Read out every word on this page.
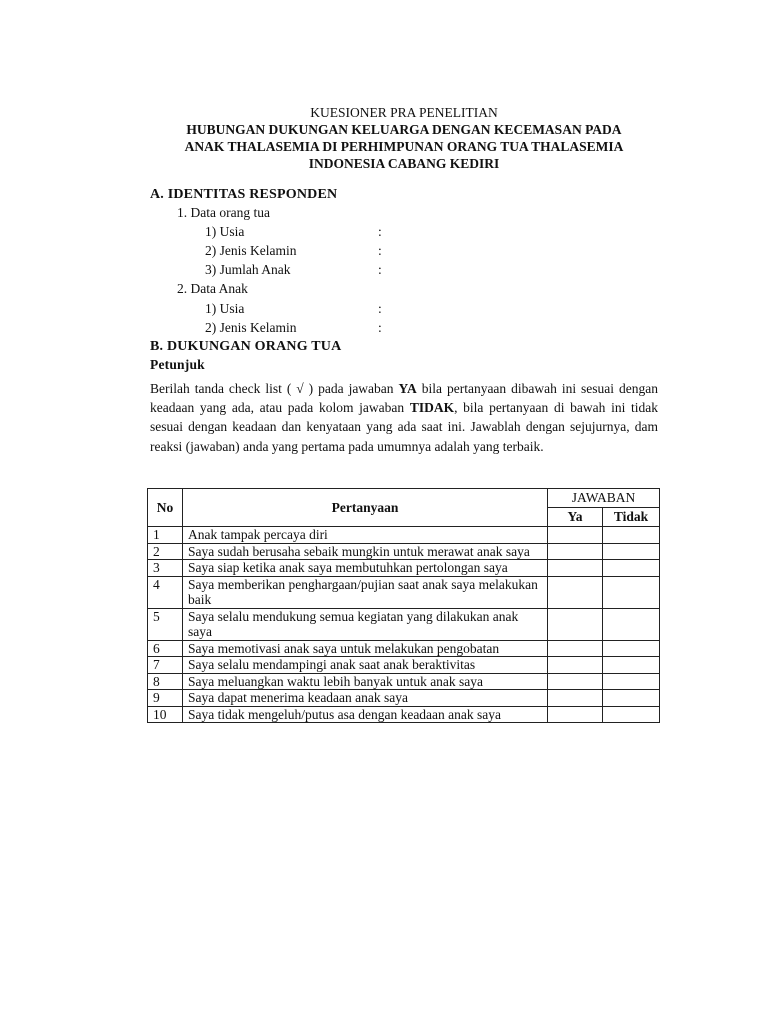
KUESIONER PRA PENELITIAN
HUBUNGAN DUKUNGAN KELUARGA DENGAN KECEMASAN PADA
ANAK THALASEMIA DI PERHIMPUNAN ORANG TUA THALASEMIA
INDONESIA CABANG KEDIRI
A. IDENTITAS RESPONDEN
1. Data orang tua
1) Usia	:
2) Jenis Kelamin	:
3) Jumlah Anak	:
2. Data Anak
1) Usia	:
2) Jenis Kelamin	:
B. DUKUNGAN ORANG TUA
Petunjuk
Berilah tanda check list ( √ ) pada jawaban YA bila pertanyaan dibawah ini sesuai dengan keadaan yang ada, atau pada kolom jawaban TIDAK, bila pertanyaan di bawah ini tidak sesuai dengan keadaan dan kenyataan yang ada saat ini. Jawablah dengan sejujurnya, dam reaksi (jawaban) anda yang pertama pada umumnya adalah yang terbaik.
No	Pertanyaan	JAWABAN	
		Ya	Tidak
1	Anak tampak percaya diri		
2	Saya sudah berusaha sebaik mungkin untuk merawat anak saya		
3	Saya siap ketika anak saya membutuhkan pertolongan saya		
4	Saya memberikan penghargaan/pujian saat anak saya melakukan baik		
5	Saya selalu mendukung semua kegiatan yang dilakukan anak saya		
6	Saya memotivasi anak saya untuk melakukan pengobatan		
7	Saya selalu mendampingi anak saat anak beraktivitas		
8	Saya meluangkan waktu lebih banyak untuk anak saya		
9	Saya dapat menerima keadaan anak saya		
10	Saya tidak mengeluh/putus asa dengan keadaan anak saya		
